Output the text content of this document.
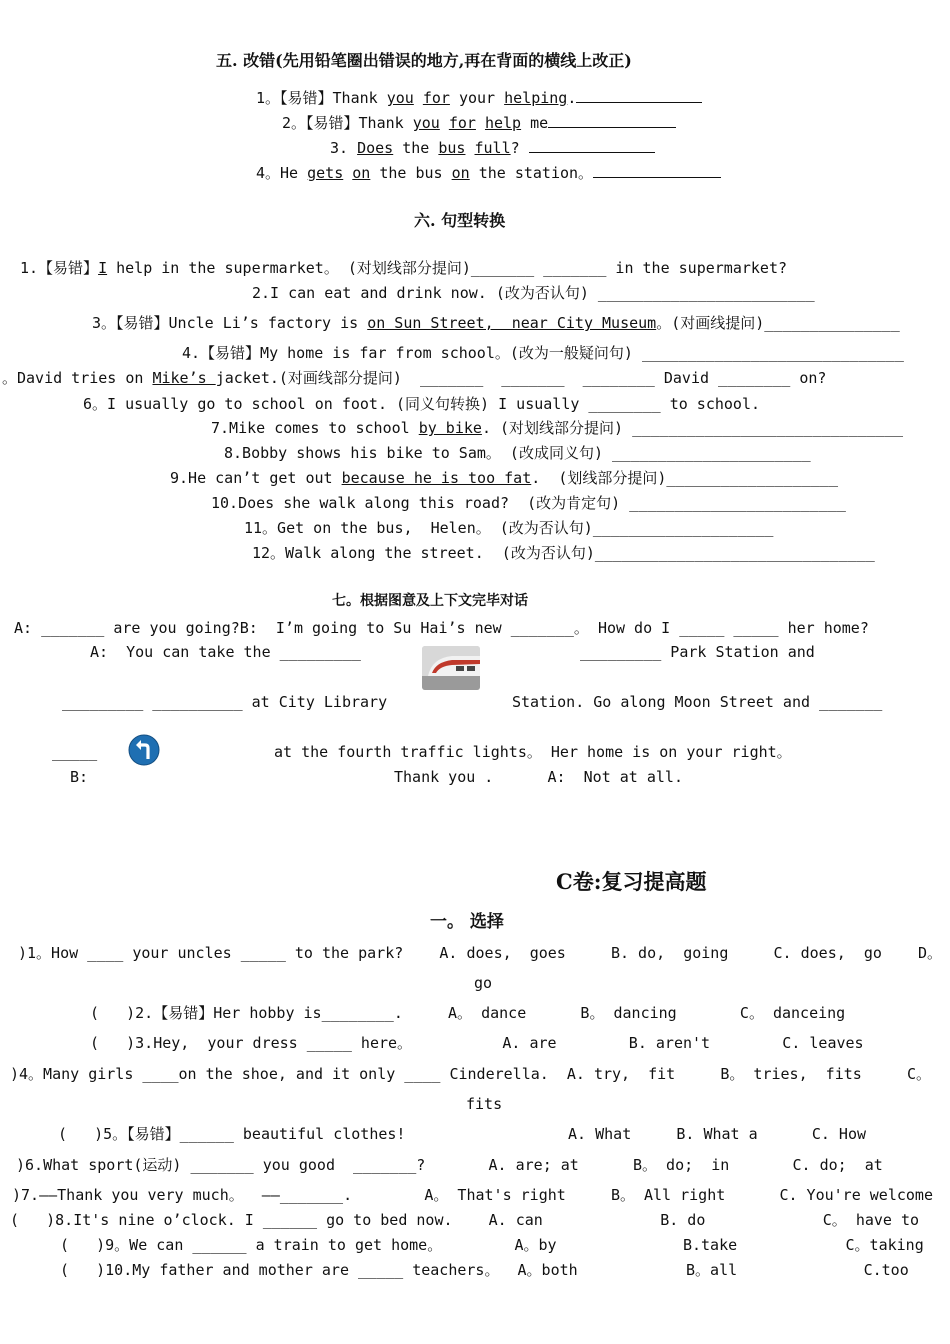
五. 改错(先用铅笔圈出错误的地方,再在背面的横线上改正)
1。【易错】Thank you for your helping.
2。【易错】Thank you for help me
3. Does the bus full?
4。He gets on the bus on the station。
六. 句型转换
1.【易错】I help in the supermarket。 (对划线部分提问)_______ _______ in the supermarket?
2.I can eat and drink now. (改为否认句) ________________________
3。【易错】Uncle Li’s factory is on Sun Street,  near City Museum。(对画线提问)_______________
4.【易错】My home is far from school。(改为一般疑问句) _____________________________
。David tries on Mike’s jacket.(对画线部分提问)  _______  _______  ________ David ________ on?
6。I usually go to school on foot. (同义句转换) I usually ________ to school.
7.Mike comes to school by bike. (对划线部分提问) ______________________________
8.Bobby shows his bike to Sam。 (改成同义句) ______________________
9.He can’t get out because he is too fat.  (划线部分提问)___________________
10.Does she walk along this road?  (改为肯定句) ________________________
11。Get on the bus,  Helen。 (改为否认句)____________________
12。Walk along the street.  (改为否认句)_______________________________
七。根据图意及上下文完毕对话
A: _______ are you going?B:  I’m going to Su Hai’s new _______。 How do I _____ _____ her home?
A:  You can take the _________	_________ Park Station and
_________ __________ at City Library	Station. Go along Moon Street and _______
_____	at the fourth traffic lights。 Her home is on your right。
B:	Thank you .      A:  Not at all.
C卷:复习提高题
一。 选择
)1。How ____ your uncles _____ to the park?    A. does,  goes     B. do,  going     C. does,  go    D。
go
(   )2.【易错】Her hobby is________.     A。 dance      B。 dancing       C。 danceing
(   )3.Hey,  your dress _____ here。          A. are        B. aren't        C. leaves
)4。Many girls ____on the shoe, and it only ____ Cinderella.  A. try,  fit     B。 tries,  fits     C。
fits
(   )5。【易错】______ beautiful clothes!                  A. What     B. What a      C. How
)6.What sport(运动) _______ you good  _______?       A. are; at      B。 do;  in       C. do;  at
)7.——Thank you very much。  ——_______.        A。 That's right     B。 All right      C. You're welcome
(   )8.It's nine o’clock. I ______ go to bed now.    A. can             B. do             C。 have to
(   )9。We can ______ a train to get home。        A。by              B.take            C。taking
(   )10.My father and mother are _____ teachers。  A。both            B。all              C.too
